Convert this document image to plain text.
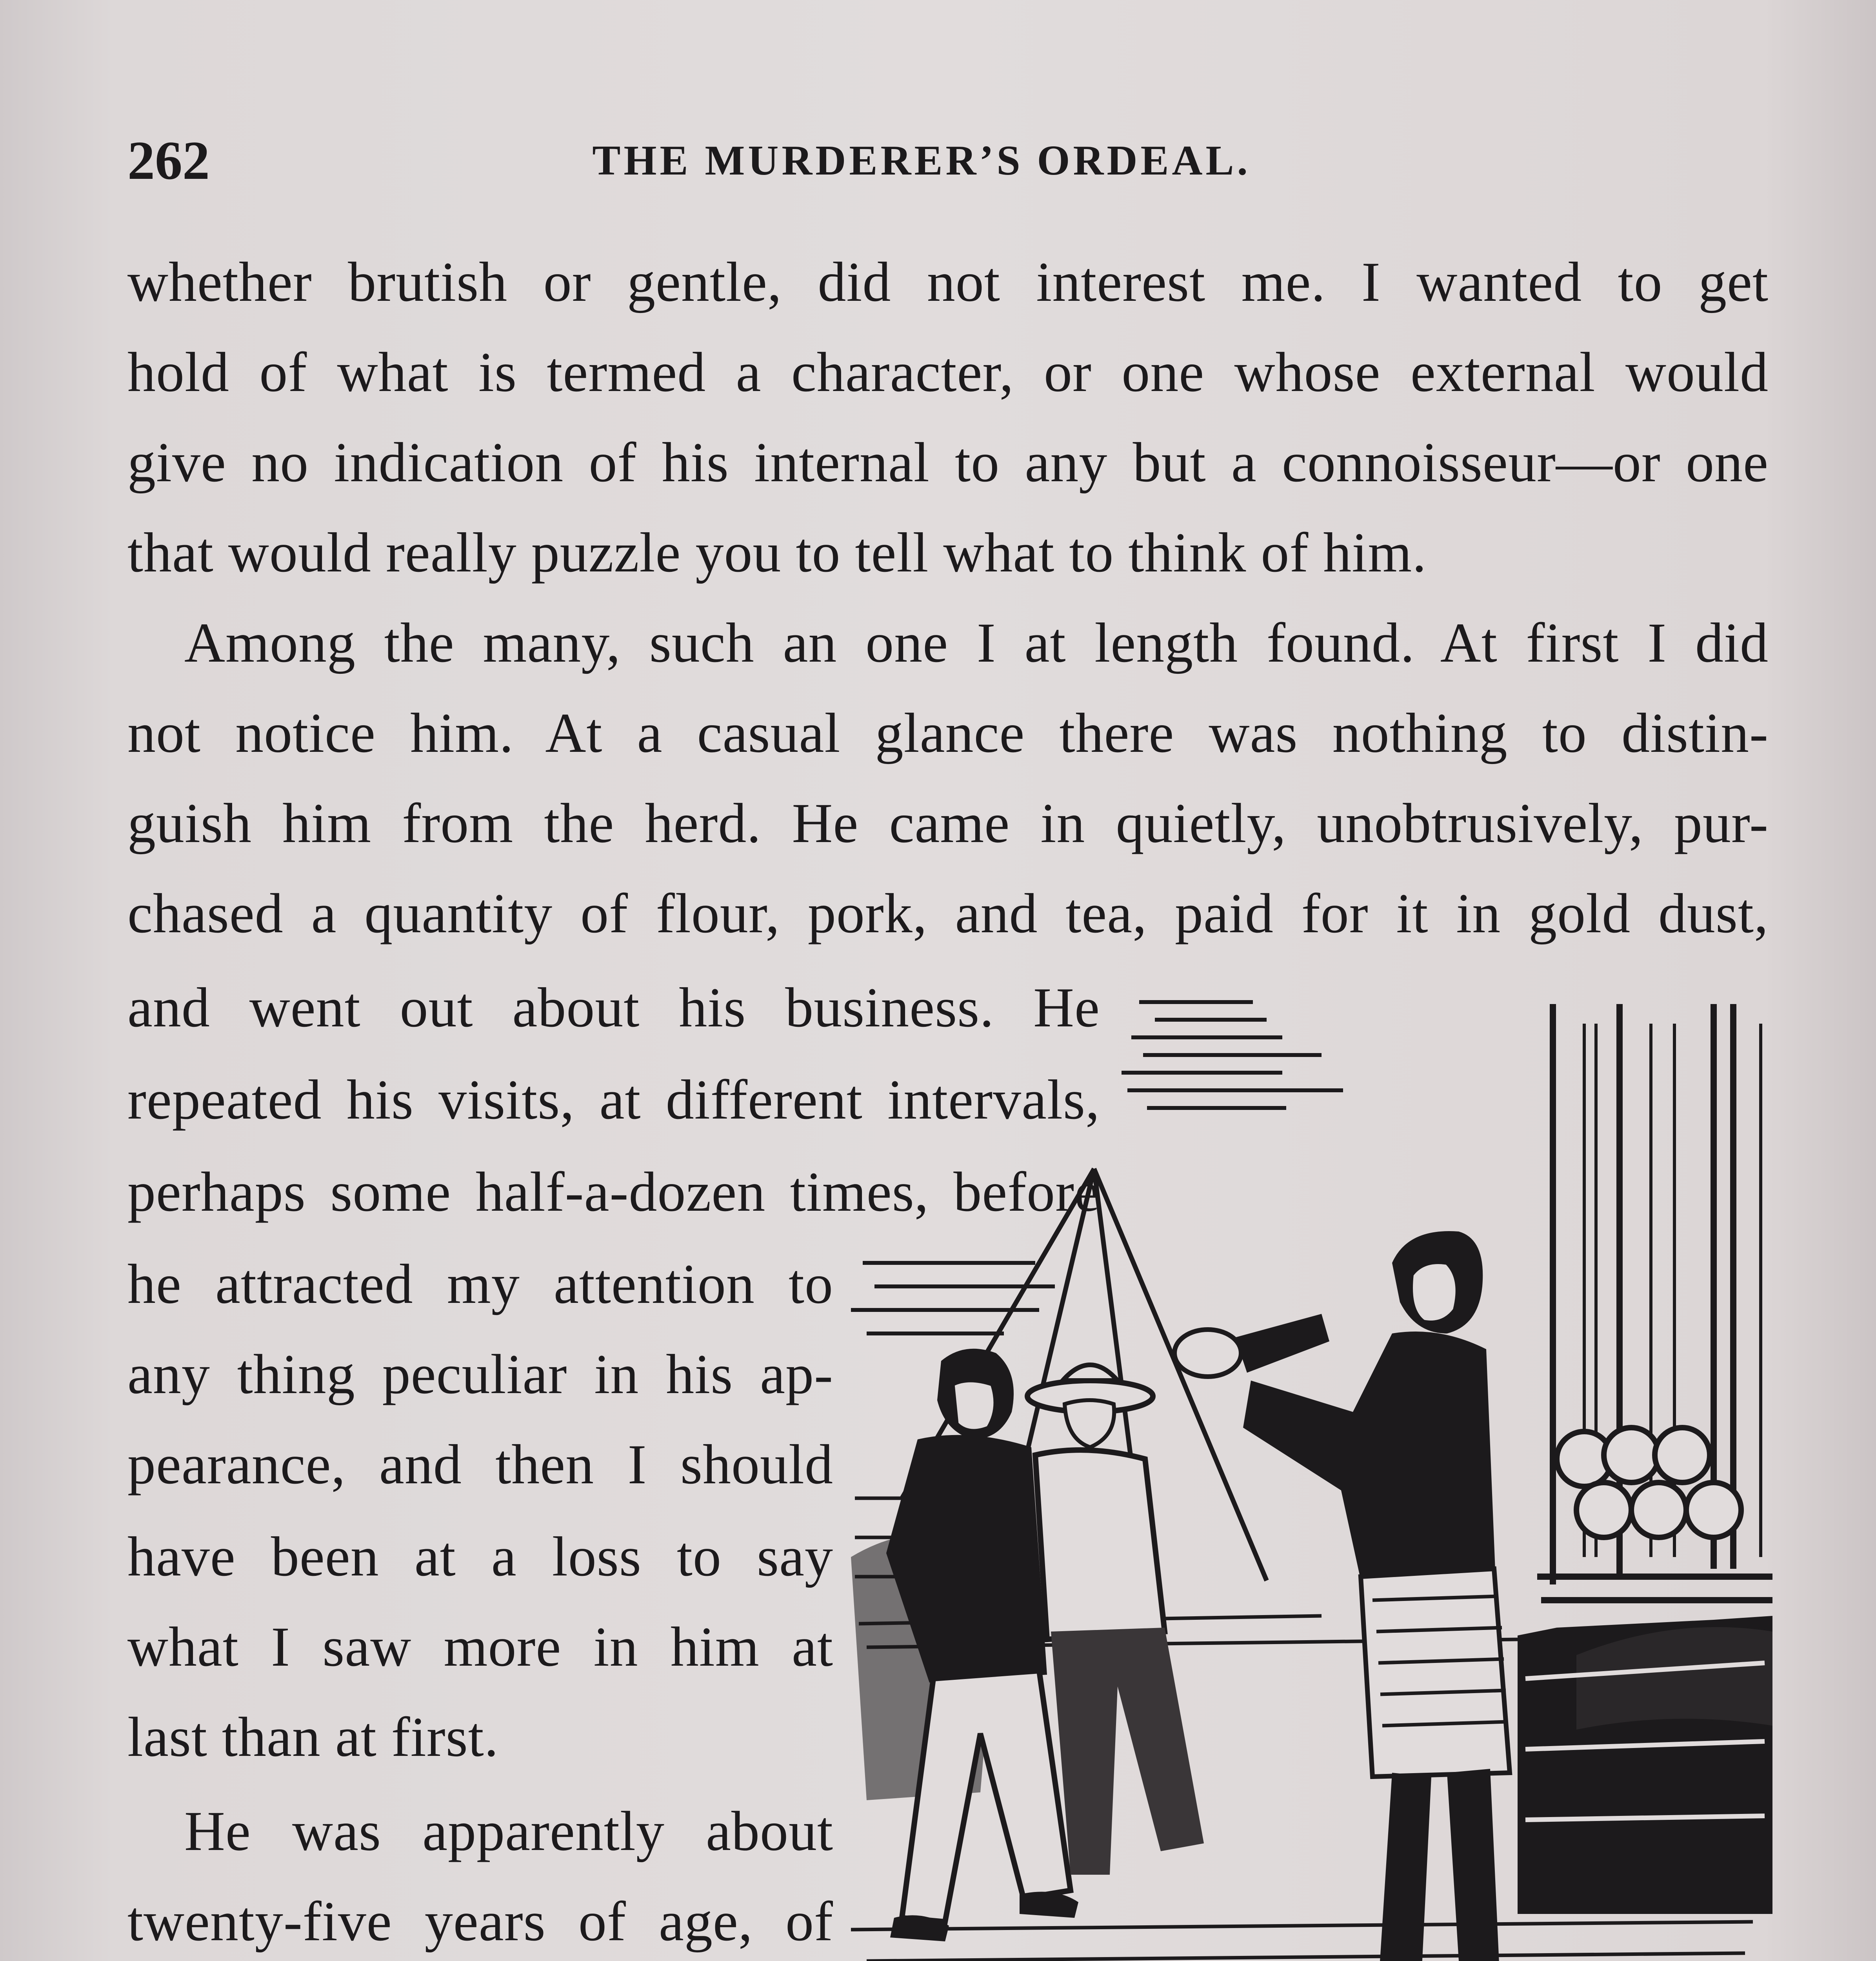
262	THE MURDERER’S ORDEAL.
whether brutish or gentle, did not interest me. I wanted to get
hold of what is termed a character, or one whose external would
give no indication of his internal to any but a connoisseur—or one
that would really puzzle you to tell what to think of him.
Among the many, such an one I at length found. At first I did
not notice him. At a casual glance there was nothing to distin-
guish him from the herd. He came in quietly, unobtrusively, pur-
chased a quantity of flour, pork, and tea, paid for it in gold dust,
and went out about his business. He
repeated his visits, at different intervals,
perhaps some half-a-dozen times, before
he attracted my attention to
any thing peculiar in his ap-
pearance, and then I should
have been at a loss to say
what I saw more in him at
last than at first.
He was apparently about
twenty-five years of age, of
